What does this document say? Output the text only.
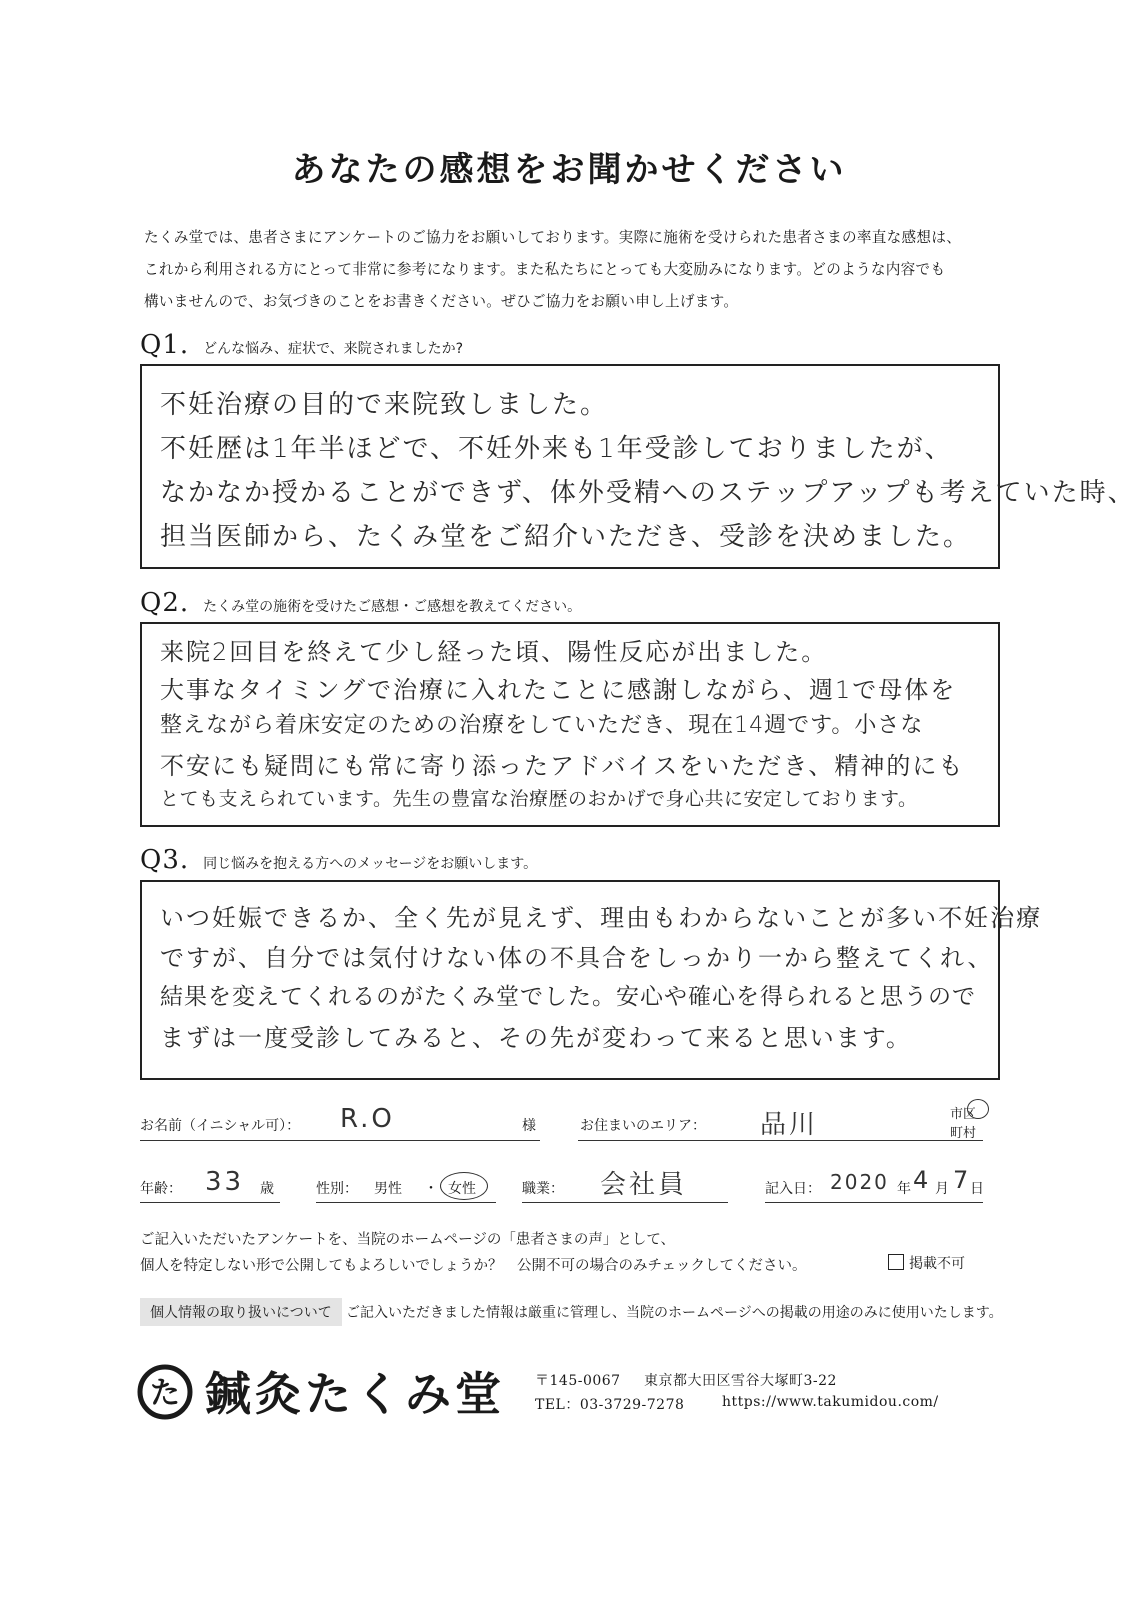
あなたの感想をお聞かせください

たくみ堂では、患者さまにアンケートのご協力をお願いしております。実際に施術を受けられた患者さまの率直な感想は、

これから利用される方にとって非常に参考になります。また私たちにとっても大変励みになります。どのような内容でも

構いませんので、お気づきのことをお書きください。ぜひご協力をお願い申し上げます。

Q1. どんな悩み、症状で、来院されましたか?
不妊治療の目的で来院致しました。
不妊歴は1年半ほどで、不妊外来も1年受診しておりましたが、
なかなか授かることができず、体外受精へのステップアップも考えていた時、
担当医師から、たくみ堂をご紹介いただき、受診を決めました。
Q2. たくみ堂の施術を受けたご感想・ご感想を教えてください。
来院2回目を終えて少し経った頃、陽性反応が出ました。
大事なタイミングで治療に入れたことに感謝しながら、週1で母体を
整えながら着床安定のための治療をしていただき、現在14週です。小さな
不安にも疑問にも常に寄り添ったアドバイスをいただき、精神的にも
とても支えられています。先生の豊富な治療歴のおかげで身心共に安定しております。
Q3. 同じ悩みを抱える方へのメッセージをお願いします。
いつ妊娠できるか、全く先が見えず、理由もわからないことが多い不妊治療
ですが、自分では気付けない体の不具合をしっかり一から整えてくれ、
結果を変えてくれるのがたくみ堂でした。安心や確心を得られると思うので
まずは一度受診してみると、その先が変わって来ると思います。
お名前（イニシャル可）： R.O	様	お住まいのエリア： 品川	市区
町村
年齢： 33 歳	性別： 男性 ・ 女性	職業： 会社員	記入日： 2020 年 4 月 7
日
ご記入いただいたアンケートを、当院のホームページの「患者さまの声」として、
個人を特定しない形で公開してもよろしいでしょうか？　公開不可の場合のみチェックしてください。	掲載不可
個人情報の取り扱いについて	ご記入いただきました情報は厳重に管理し、当院のホームページへの掲載の用途のみに使用いたします。
た 鍼灸たくみ堂 〒145-0067 東京都大田区雪谷大塚町3-22
TEL：03-3729-7278	https://www.takumidou.com/
